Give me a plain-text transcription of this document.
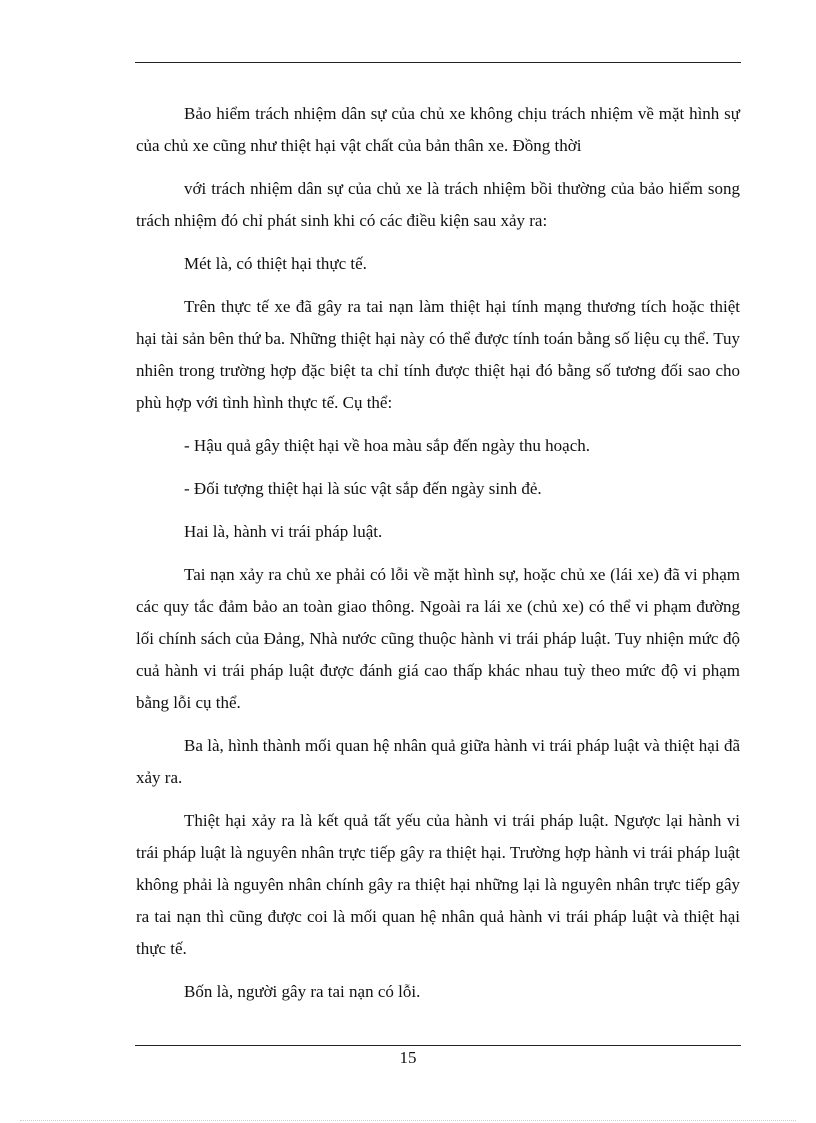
Bảo hiểm trách nhiệm dân sự của chủ xe không chịu trách nhiệm về mặt hình sự của chủ xe cũng như thiệt hại vật chất của bản thân xe. Đồng thời

với trách nhiệm dân sự của chủ xe là trách nhiệm bồi thường của bảo hiểm song trách nhiệm đó chỉ phát sinh khi có các điều kiện sau xảy ra:

Mét là, có thiệt hại thực tế.

Trên thực tế xe đã gây ra tai nạn làm thiệt hại tính mạng thương tích hoặc thiệt hại tài sản bên thứ ba. Những thiệt hại này có thể được tính toán bằng số liệu cụ thể. Tuy nhiên trong trường hợp đặc biệt ta chỉ tính được thiệt hại đó bằng số tương đối sao cho phù hợp với tình hình thực tế. Cụ thể:

- Hậu quả gây thiệt hại về hoa màu sắp đến ngày thu hoạch.

- Đối tượng thiệt hại là súc vật sắp đến ngày sinh đẻ.

Hai là, hành vi trái pháp luật.

Tai nạn xảy ra chủ xe phải có lỗi về mặt hình sự, hoặc chủ xe (lái xe) đã vi phạm các quy tắc đảm bảo an toàn giao thông. Ngoài ra lái xe (chủ xe) có thể vi phạm đường lối chính sách của Đảng, Nhà nước cũng thuộc hành vi trái pháp luật. Tuy nhiện mức độ cuả hành vi trái pháp luật được đánh giá cao thấp khác nhau tuỳ theo mức độ vi phạm bằng lỗi cụ thể.

Ba là, hình thành mối quan hệ nhân quả giữa hành vi trái pháp luật và thiệt hại đã xảy ra.

Thiệt hại xảy ra là kết quả tất yếu của hành vi trái pháp luật. Ngược lại hành vi trái pháp luật là nguyên nhân trực tiếp gây ra thiệt hại. Trường hợp hành vi trái pháp luật không phải là nguyên nhân chính gây ra thiệt hại những lại là nguyên nhân trực tiếp gây ra tai nạn thì cũng được coi là mối quan hệ nhân quả hành vi trái pháp luật và thiệt hại thực tế.

Bốn là, người gây ra tai nạn có lỗi.

15
